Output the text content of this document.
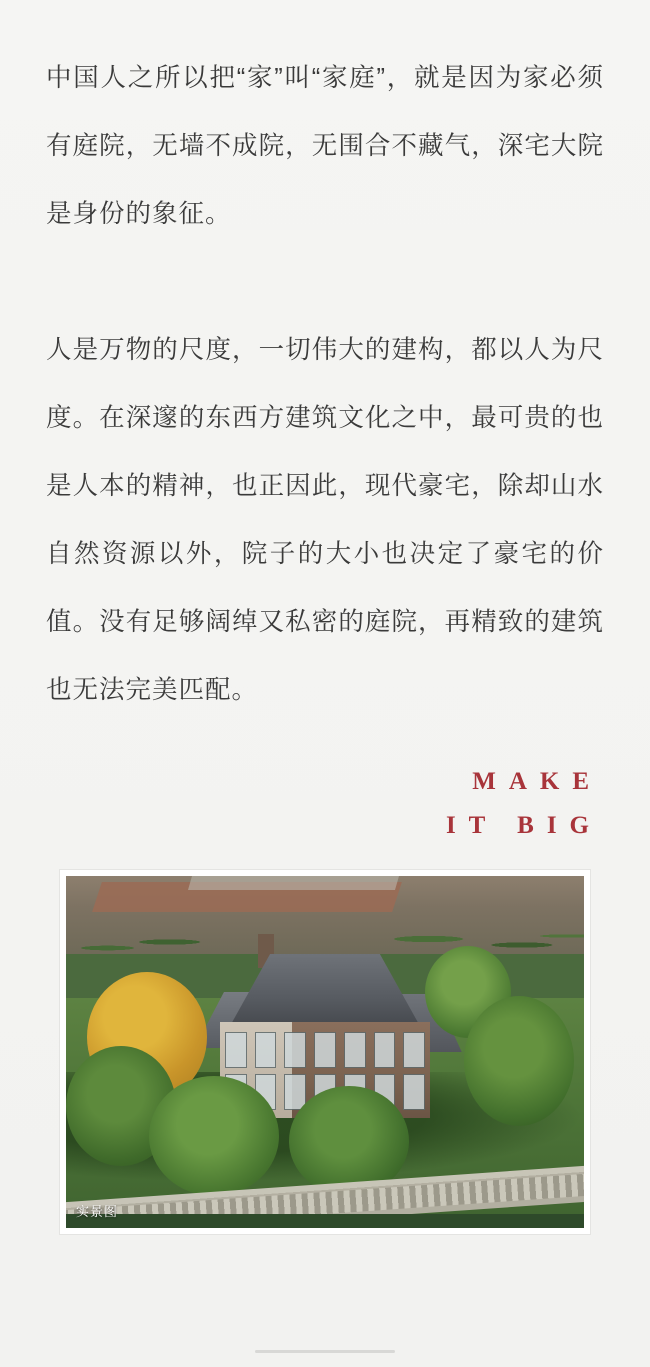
中国人之所以把“家”叫“家庭”，就是因为家必须有庭院，无墙不成院，无围合不藏气，深宅大院是身份的象征。

人是万物的尺度，一切伟大的建构，都以人为尺度。在深邃的东西方建筑文化之中，最可贵的也是人本的精神，也正因此，现代豪宅，除却山水自然资源以外，院子的大小也决定了豪宅的价值。没有足够阔绰又私密的庭院，再精致的建筑也无法完美匹配。

MAKE
IT BIG
实景图
